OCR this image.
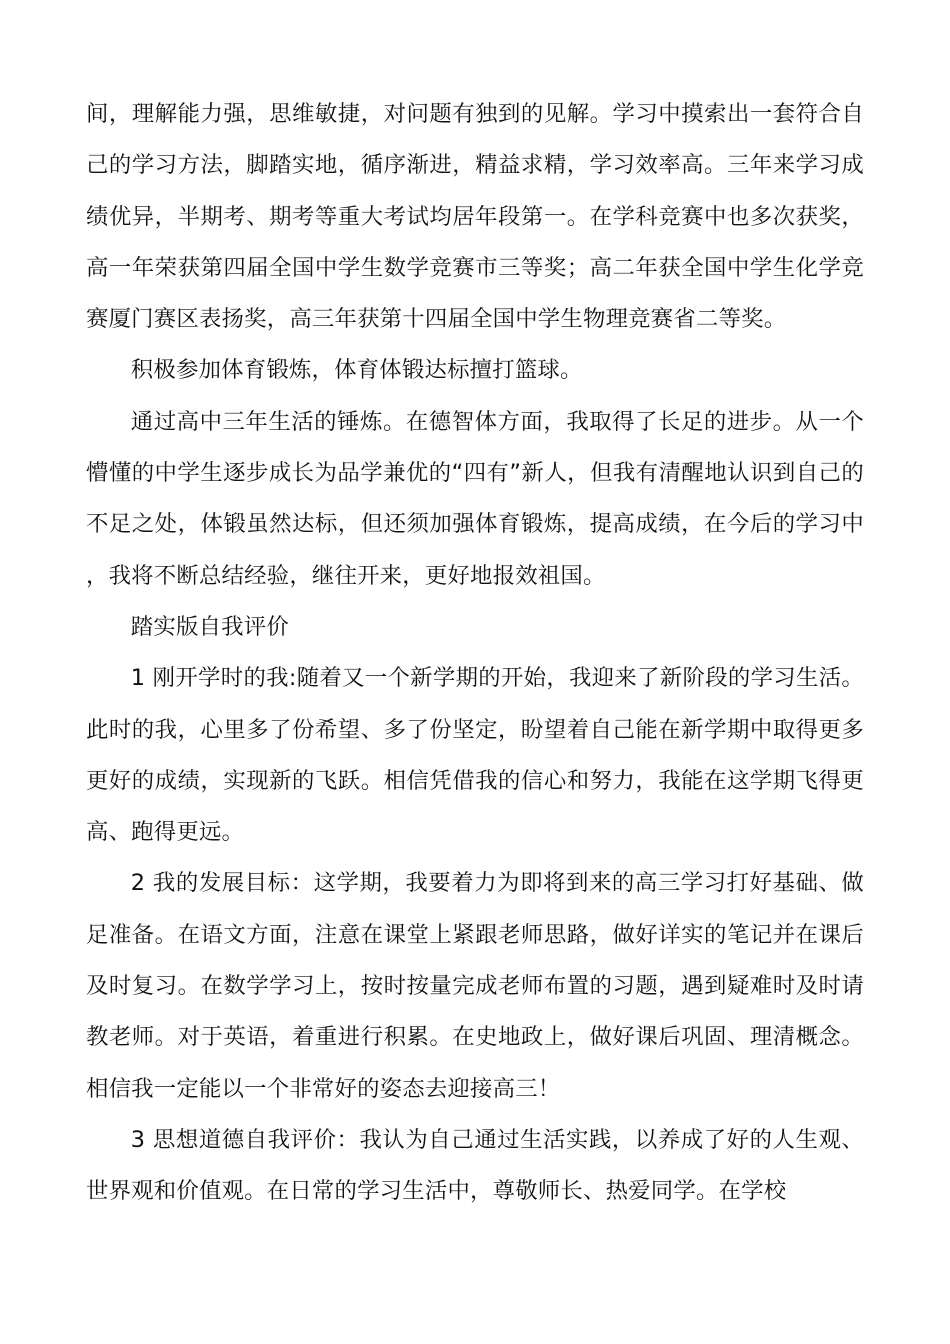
间，理解能力强，思维敏捷，对问题有独到的见解。学习中摸索出一套符合自己的学习方法，脚踏实地，循序渐进，精益求精，学习效率高。三年来学习成绩优异，半期考、期考等重大考试均居年段第一。在学科竞赛中也多次获奖，高一年荣获第四届全国中学生数学竞赛市三等奖；高二年获全国中学生化学竞赛厦门赛区表扬奖，高三年获第十四届全国中学生物理竞赛省二等奖。

积极参加体育锻炼，体育体锻达标擅打篮球。

通过高中三年生活的锤炼。在德智体方面，我取得了长足的进步。从一个懵懂的中学生逐步成长为品学兼优的“四有”新人，但我有清醒地认识到自己的不足之处，体锻虽然达标，但还须加强体育锻炼，提高成绩，在今后的学习中，我将不断总结经验，继往开来，更好地报效祖国。

踏实版自我评价

1 刚开学时的我:随着又一个新学期的开始，我迎来了新阶段的学习生活。此时的我，心里多了份希望、多了份坚定，盼望着自己能在新学期中取得更多更好的成绩，实现新的飞跃。相信凭借我的信心和努力，我能在这学期飞得更高、跑得更远。

2 我的发展目标：这学期，我要着力为即将到来的高三学习打好基础、做足准备。在语文方面，注意在课堂上紧跟老师思路，做好详实的笔记并在课后及时复习。在数学学习上，按时按量完成老师布置的习题，遇到疑难时及时请教老师。对于英语，着重进行积累。在史地政上，做好课后巩固、理清概念。相信我一定能以一个非常好的姿态去迎接高三！

3 思想道德自我评价：我认为自己通过生活实践，以养成了好的人生观、世界观和价值观。在日常的学习生活中，尊敬师长、热爱同学。在学校
